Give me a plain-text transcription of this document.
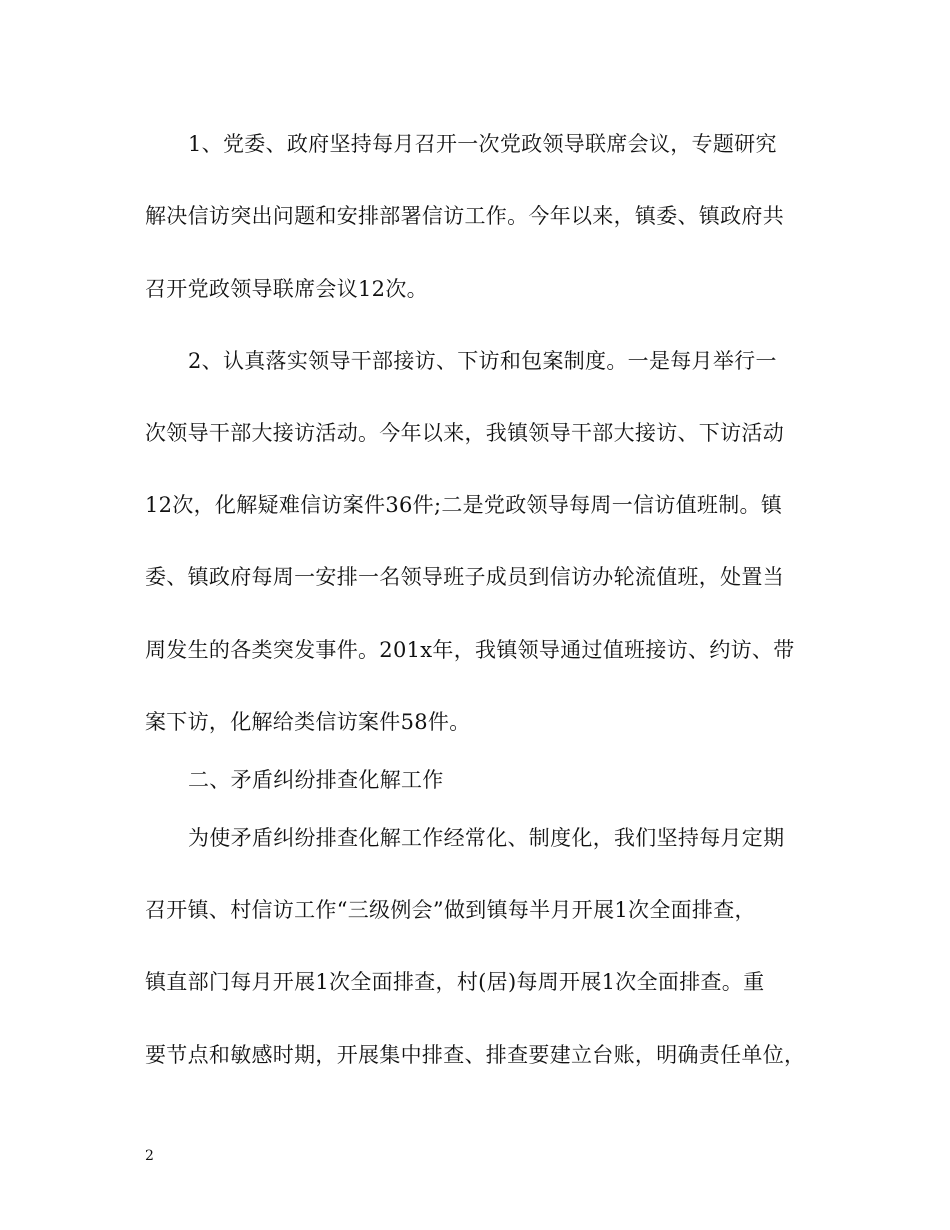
1、党委、政府坚持每月召开一次党政领导联席会议，专题研究
解决信访突出问题和安排部署信访工作。今年以来，镇委、镇政府共
召开党政领导联席会议12次。
2、认真落实领导干部接访、下访和包案制度。一是每月举行一
次领导干部大接访活动。今年以来，我镇领导干部大接访、下访活动
12次，化解疑难信访案件36件;二是党政领导每周一信访值班制。镇
委、镇政府每周一安排一名领导班子成员到信访办轮流值班，处置当
周发生的各类突发事件。201x年，我镇领导通过值班接访、约访、带
案下访，化解给类信访案件58件。
二、矛盾纠纷排查化解工作
为使矛盾纠纷排查化解工作经常化、制度化，我们坚持每月定期
召开镇、村信访工作“三级例会”做到镇每半月开展1次全面排查，
镇直部门每月开展1次全面排查，村(居)每周开展1次全面排查。重
要节点和敏感时期，开展集中排查、排查要建立台账，明确责任单位，
2
